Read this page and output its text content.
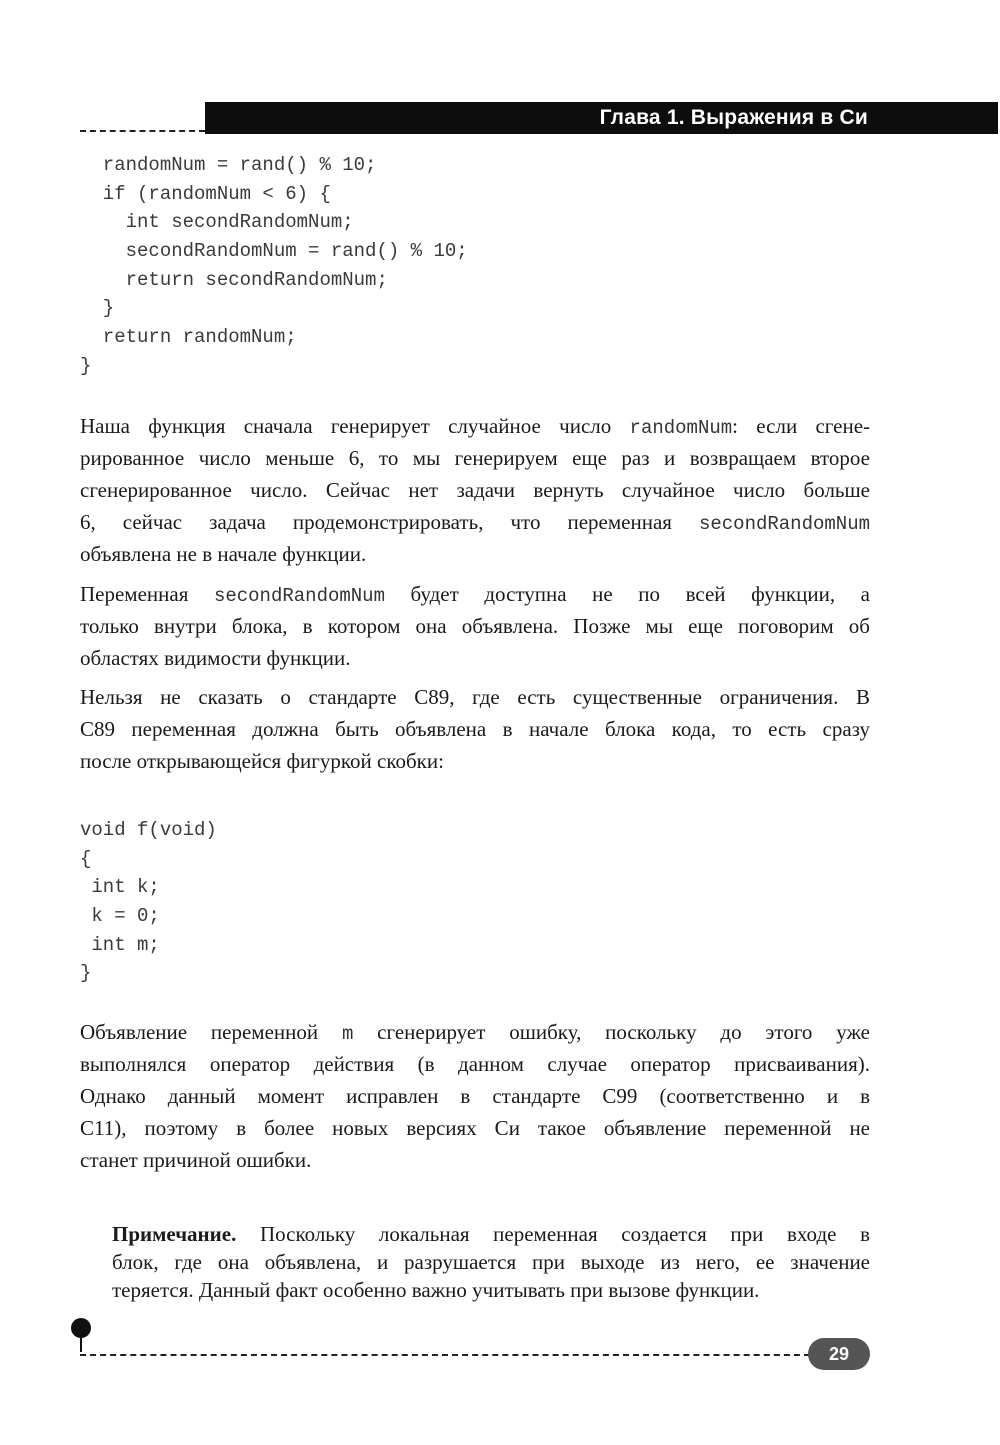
Глава 1. Выражения в Си
randomNum = rand() % 10;
if (randomNum < 6) {
int secondRandomNum;
secondRandomNum = rand() % 10;
return secondRandomNum;
}
return randomNum;
}
Наша функция сначала генерирует случайное число randomNum: если сгене-
рированное число меньше 6, то мы генерируем еще раз и возвращаем второе
сгенерированное число. Сейчас нет задачи вернуть случайное число больше
6, сейчас задача продемонстрировать, что переменная secondRandomNum
объявлена не в начале функции.
Переменная secondRandomNum будет доступна не по всей функции, а
только внутри блока, в котором она объявлена. Позже мы еще поговорим об
областях видимости функции.
Нельзя не сказать о стандарте С89, где есть существенные ограничения. В
С89 переменная должна быть объявлена в начале блока кода, то есть сразу
после открывающейся фигуркой скобки:
void f(void)
{
int k;
k = 0;
int m;
}
Объявление переменной m сгенерирует ошибку, поскольку до этого уже
выполнялся оператор действия (в данном случае оператор присваивания).
Однако данный момент исправлен в стандарте С99 (соответственно и в
С11), поэтому в более новых версиях Си такое объявление переменной не
станет причиной ошибки.
Примечание. Поскольку локальная переменная создается при входе в
блок, где она объявлена, и разрушается при выходе из него, ее значение
теряется. Данный факт особенно важно учитывать при вызове функции.
29
